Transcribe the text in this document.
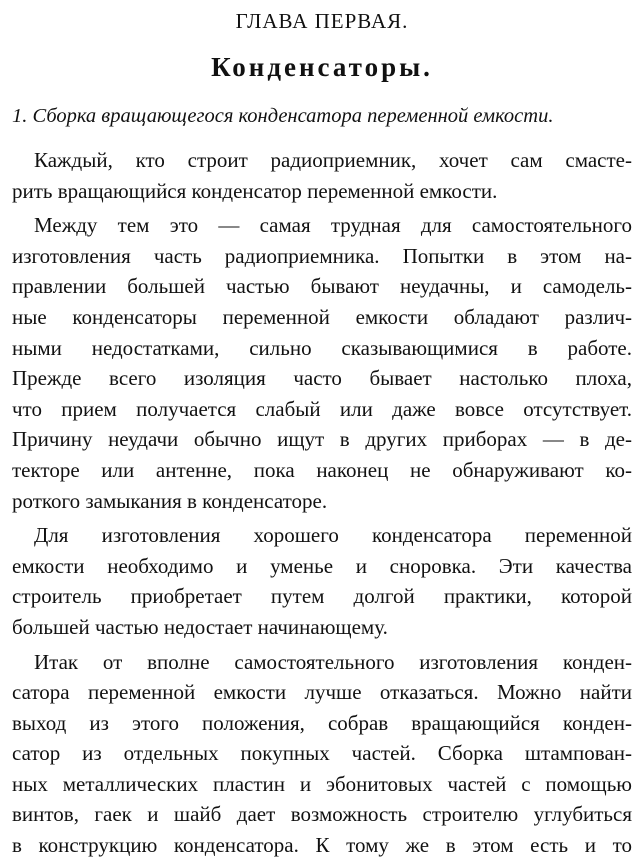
ГЛАВА ПЕРВАЯ.
Конденсаторы.
1. Сборка вращающегося конденсатора переменной емкости.
Каждый, кто строит радиоприемник, хочет сам смасте-
рить вращающийся конденсатор переменной емкости.
Между тем это — самая трудная для самостоятельного
изготовления часть радиоприемника. Попытки в этом на-
правлении большей частью бывают неудачны, и самодель-
ные конденсаторы переменной емкости обладают различ-
ными недостатками, сильно сказывающимися в работе.
Прежде всего изоляция часто бывает настолько плоха,
что прием получается слабый или даже вовсе отсутствует.
Причину неудачи обычно ищут в других приборах — в де-
текторе или антенне, пока наконец не обнаруживают ко-
роткого замыкания в конденсаторе.
Для изготовления хорошего конденсатора переменной
емкости необходимо и уменье и сноровка. Эти качества
строитель приобретает путем долгой практики, которой
большей частью недостает начинающему.
Итак от вполне самостоятельного изготовления конден-
сатора переменной емкости лучше отказаться. Можно найти
выход из этого положения, собрав вращающийся конден-
сатор из отдельных покупных частей. Сборка штампован-
ных металлических пластин и эбонитовых частей с помощью
винтов, гаек и шайб дает возможность строителю углубиться
в конструкцию конденсатора. К тому же в этом есть и то
